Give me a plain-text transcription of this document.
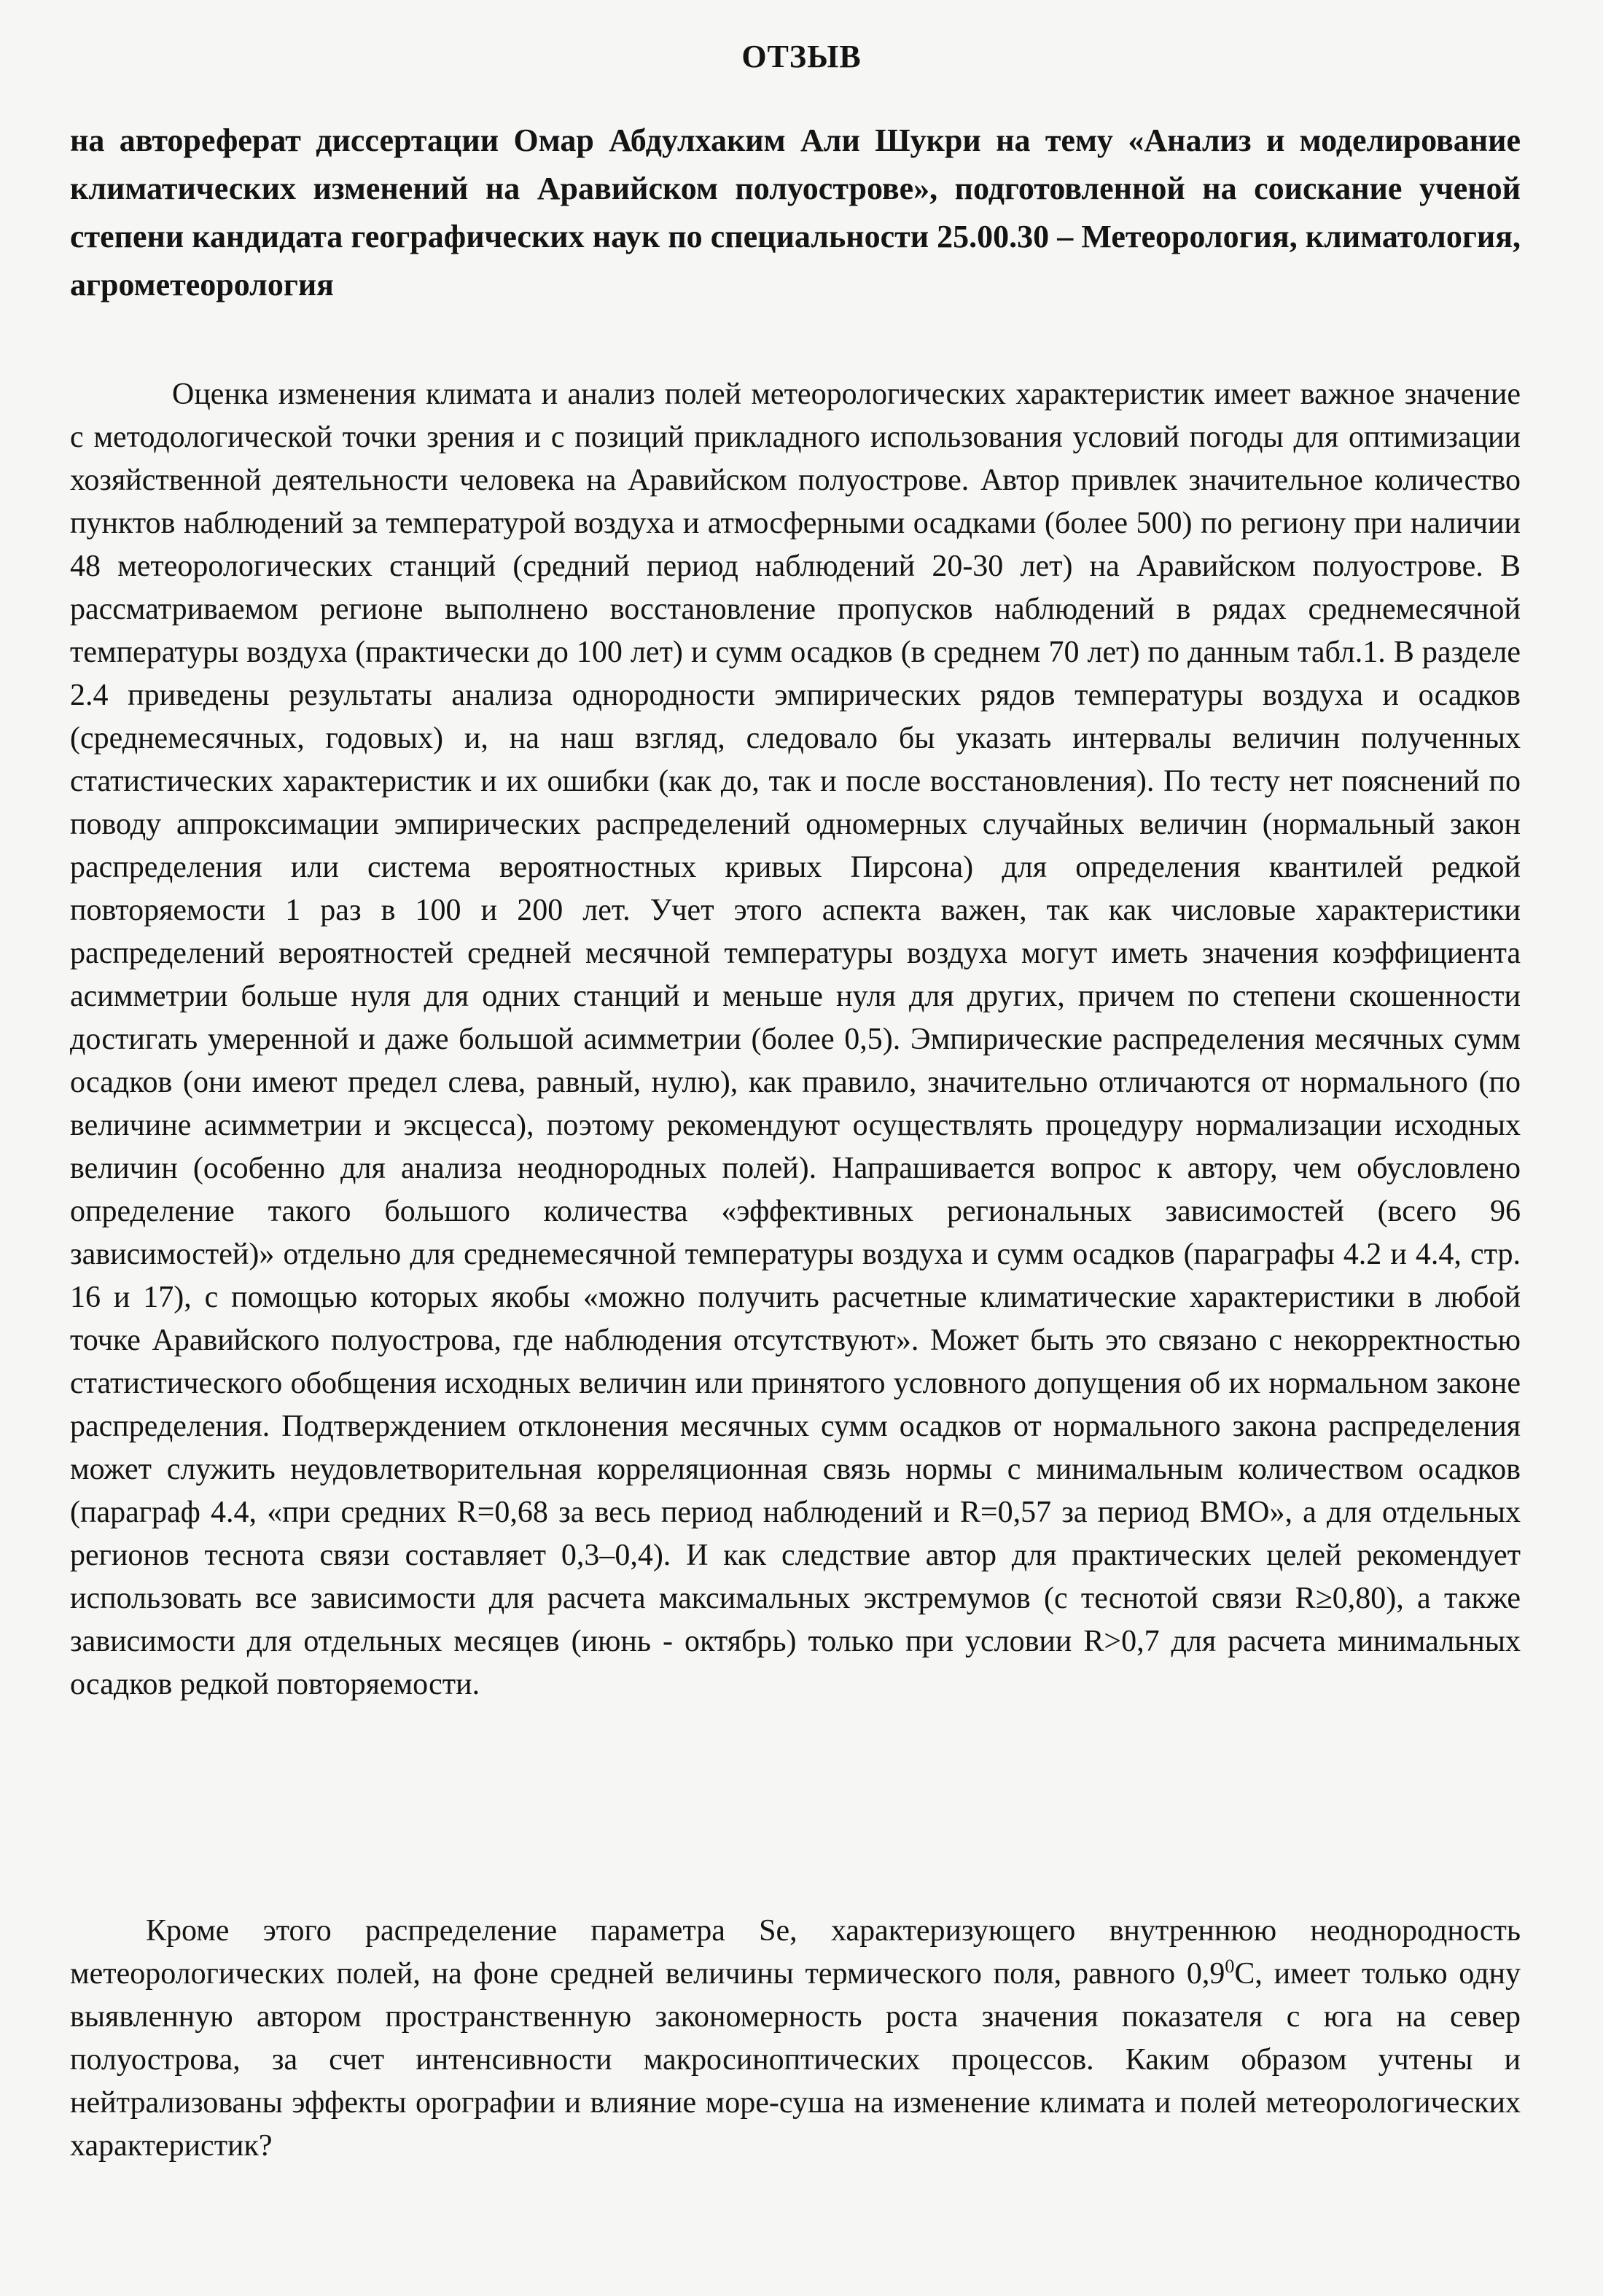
ОТЗЫВ
на автореферат диссертации Омар Абдулхаким Али Шукри на тему «Анализ и моделирование климатических изменений на Аравийском полуострове», подготовленной на соискание ученой степени кандидата географических наук по специальности 25.00.30 – Метеорология, климатология, агрометеорология
Оценка изменения климата и анализ полей метеорологических характеристик имеет важное значение с методологической точки зрения и с позиций прикладного использования условий погоды для оптимизации хозяйственной деятельности человека на Аравийском полуострове. Автор привлек значительное количество пунктов наблюдений за температурой воздуха и атмосферными осадками (более 500) по региону при наличии 48 метеорологических станций (средний период наблюдений 20-30 лет) на Аравийском полуострове. В рассматриваемом регионе выполнено восстановление пропусков наблюдений в рядах среднемесячной температуры воздуха (практически до 100 лет) и сумм осадков (в среднем 70 лет) по данным табл.1. В разделе 2.4 приведены результаты анализа однородности эмпирических рядов температуры воздуха и осадков (среднемесячных, годовых) и, на наш взгляд, следовало бы указать интервалы величин полученных статистических характеристик и их ошибки (как до, так и после восстановления). По тесту нет пояснений по поводу аппроксимации эмпирических распределений одномерных случайных величин (нормальный закон распределения или система вероятностных кривых Пирсона) для определения квантилей редкой повторяемости 1 раз в 100 и 200 лет. Учет этого аспекта важен, так как числовые характеристики распределений вероятностей средней месячной температуры воздуха могут иметь значения коэффициента асимметрии больше нуля для одних станций и меньше нуля для других, причем по степени скошенности достигать умеренной и даже большой асимметрии (более 0,5). Эмпирические распределения месячных сумм осадков (они имеют предел слева, равный, нулю), как правило, значительно отличаются от нормального (по величине асимметрии и эксцесса), поэтому рекомендуют осуществлять процедуру нормализации исходных величин (особенно для анализа неоднородных полей). Напрашивается вопрос к автору, чем обусловлено определение такого большого количества «эффективных региональных зависимостей (всего 96 зависимостей)» отдельно для среднемесячной температуры воздуха и сумм осадков (параграфы 4.2 и 4.4, стр. 16 и 17), с помощью которых якобы «можно получить расчетные климатические характеристики в любой точке Аравийского полуострова, где наблюдения отсутствуют». Может быть это связано с некорректностью статистического обобщения исходных величин или принятого условного допущения об их нормальном законе распределения. Подтверждением отклонения месячных сумм осадков от нормального закона распределения может служить неудовлетворительная корреляционная связь нормы с минимальным количеством осадков (параграф 4.4, «при средних R=0,68 за весь период наблюдений и R=0,57 за период ВМО», а для отдельных регионов теснота связи составляет 0,3–0,4). И как следствие автор для практических целей рекомендует использовать все зависимости для расчета максимальных экстремумов (с теснотой связи R≥0,80), а также зависимости для отдельных месяцев (июнь - октябрь) только при условии R>0,7 для расчета минимальных осадков редкой повторяемости.
Кроме этого распределение параметра Se, характеризующего внутреннюю неоднородность метеорологических полей, на фоне средней величины термического поля, равного $0,9^0С$, имеет только одну выявленную автором пространственную закономерность роста значения показателя с юга на север полуострова, за счет интенсивности макросиноптических процессов. Каким образом учтены и нейтрализованы эффекты орографии и влияние море-суша на изменение климата и полей метеорологических характеристик?
